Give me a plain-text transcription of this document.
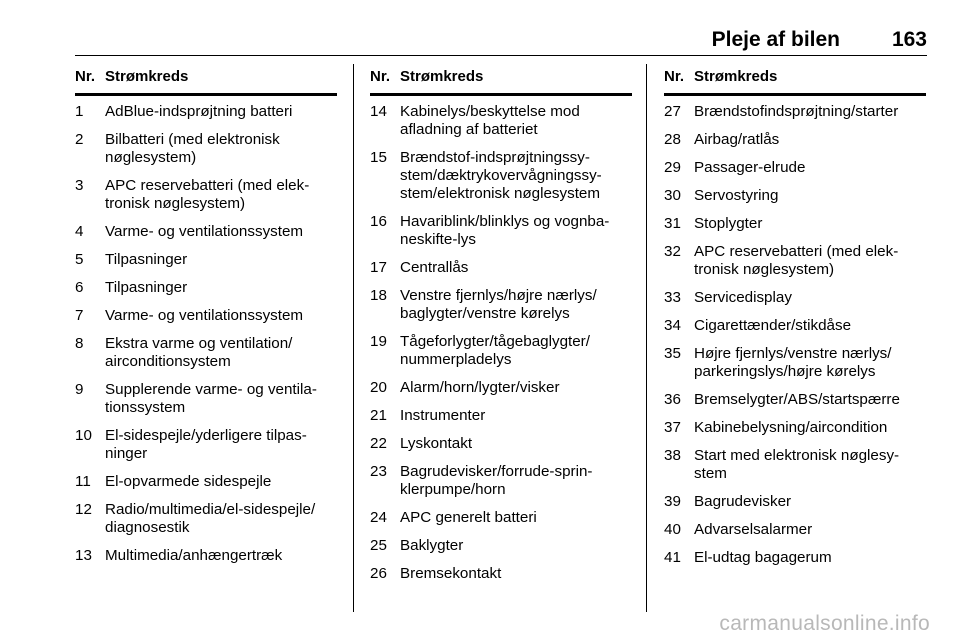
Pleje af bilen 163
Nr. Strømkreds
1	AdBlue-indsprøjtning batteri
2	Bilbatteri (med elektronisk nøglesystem)
3	APC reservebatteri (med elek-tronisk nøglesystem)
4	Varme- og ventilationssystem
5	Tilpasninger
6	Tilpasninger
7	Varme- og ventilationssystem
8	Ekstra varme og ventilation/ airconditionsystem
9	Supplerende varme- og ventila-tionssystem
10 El-sidespejle/yderligere tilpas-ninger
11 El-opvarmede sidespejle
12 Radio/multimedia/el-sidespejle/ diagnosestik
13 Multimedia/anhængertræk
Nr. Strømkreds
14 Kabinelys/beskyttelse mod afladning af batteriet
15 Brændstof-indsprøjtningssy-stem/dæktrykovervågningssy-stem/elektronisk nøglesystem
16 Havariblink/blinklys og vognba-neskifte-lys
17 Centrallås
18 Venstre fjernlys/højre nærlys/ baglygter/venstre kørelys
19 Tågeforlygter/tågebaglygter/ nummerpladelys
20 Alarm/horn/lygter/visker
21 Instrumenter
22 Lyskontakt
23 Bagrudevisker/forrude-sprin-klerpumpe/horn
24 APC generelt batteri
25 Baklygter
26 Bremsekontakt
Nr. Strømkreds
27 Brændstofindsprøjtning/starter
28 Airbag/ratlås
29 Passager-elrude
30 Servostyring
31 Stoplygter
32 APC reservebatteri (med elek-tronisk nøglesystem)
33 Servicedisplay
34 Cigarettænder/stikdåse
35 Højre fjernlys/venstre nærlys/ parkeringslys/højre kørelys
36 Bremselygter/ABS/startspærre
37 Kabinebelysning/aircondition
38 Start med elektronisk nøglesy-stem
39 Bagrudevisker
40 Advarselsalarmer
41 El-udtag bagagerum
carmanualsonline.info
